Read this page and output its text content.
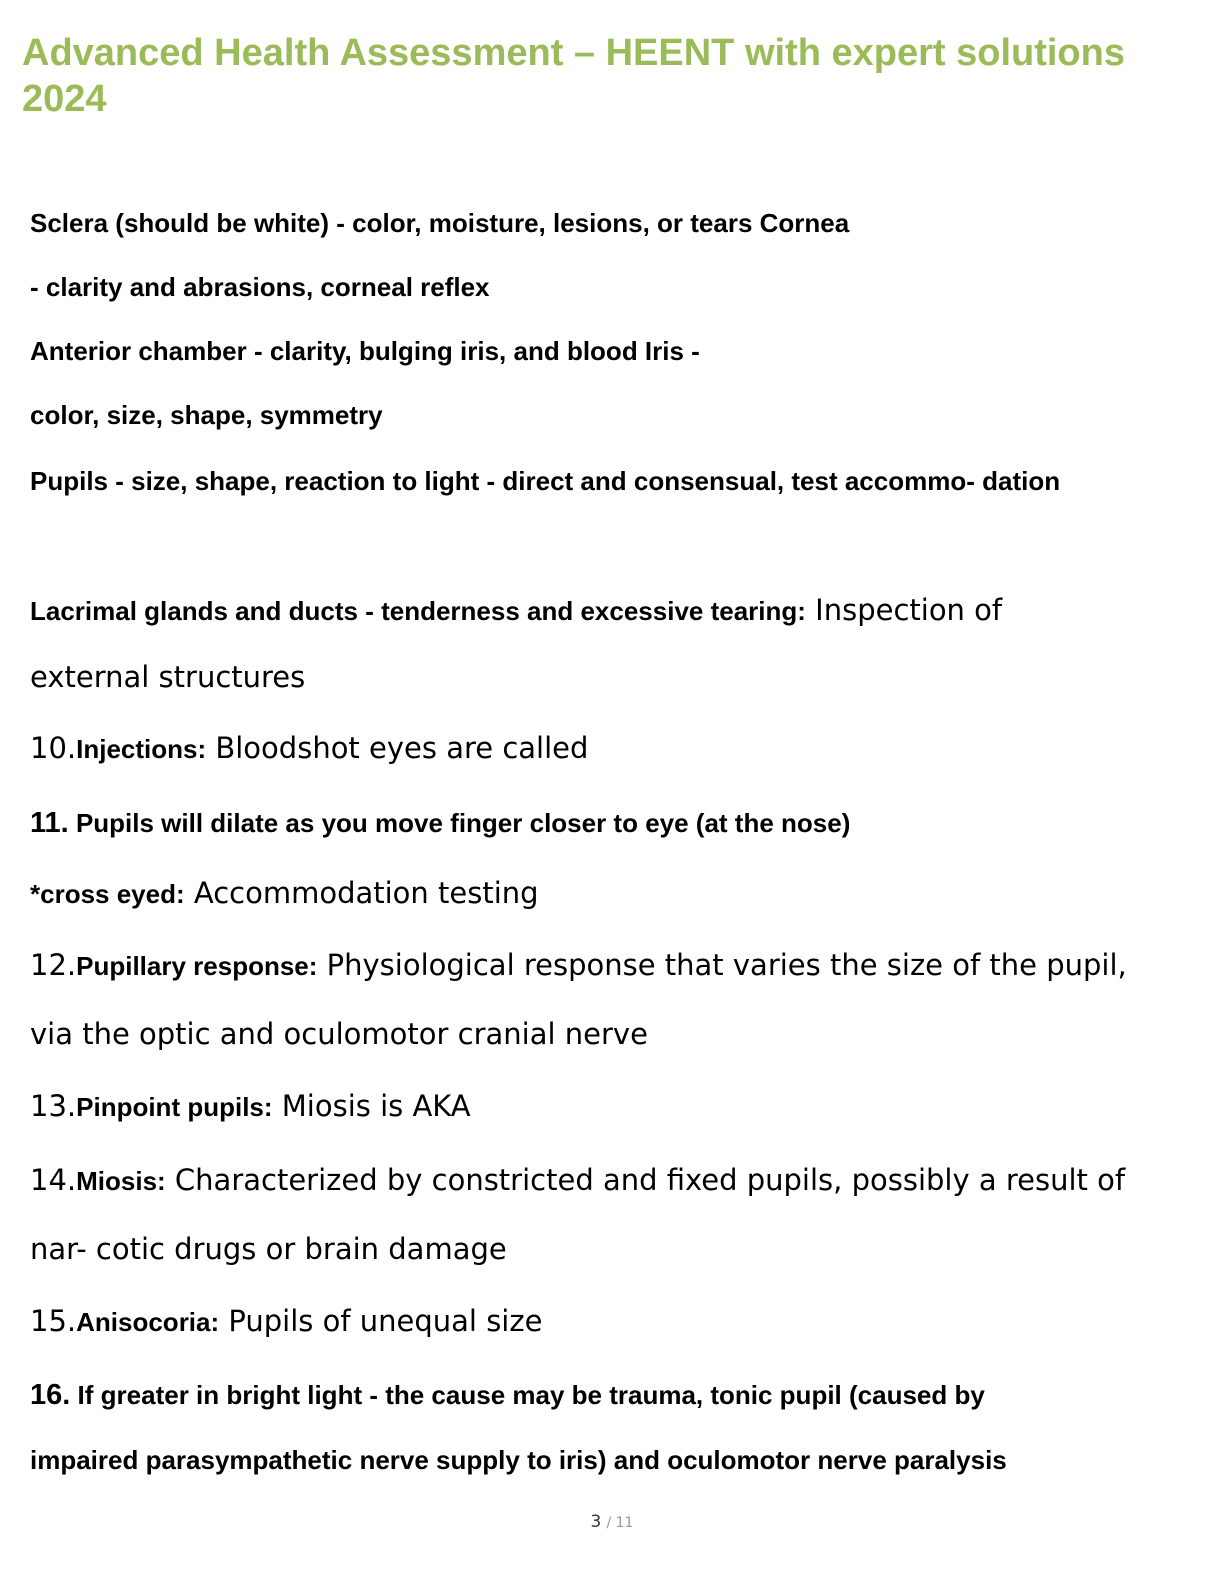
Advanced Health Assessment – HEENT with expert solutions 2024
Sclera (should be white) - color, moisture, lesions, or tears Cornea
- clarity and abrasions, corneal reflex
Anterior chamber - clarity, bulging iris, and blood Iris -
color, size, shape, symmetry
Pupils - size, shape, reaction to light - direct and consensual, test accommo- dation
Lacrimal glands and ducts - tenderness and excessive tearing: Inspection of
external structures
10.Injections: Bloodshot eyes are called
11. Pupils will dilate as you move finger closer to eye (at the nose)
*cross eyed: Accommodation testing
12.Pupillary response: Physiological response that varies the size of the pupil,
via the optic and oculomotor cranial nerve
13.Pinpoint pupils: Miosis is AKA
14.Miosis: Characterized by constricted and fixed pupils, possibly a result of
nar- cotic drugs or brain damage
15.Anisocoria: Pupils of unequal size
16. If greater in bright light - the cause may be trauma, tonic pupil (caused by
impaired parasympathetic nerve supply to iris) and oculomotor nerve paralysis
3 / 11
